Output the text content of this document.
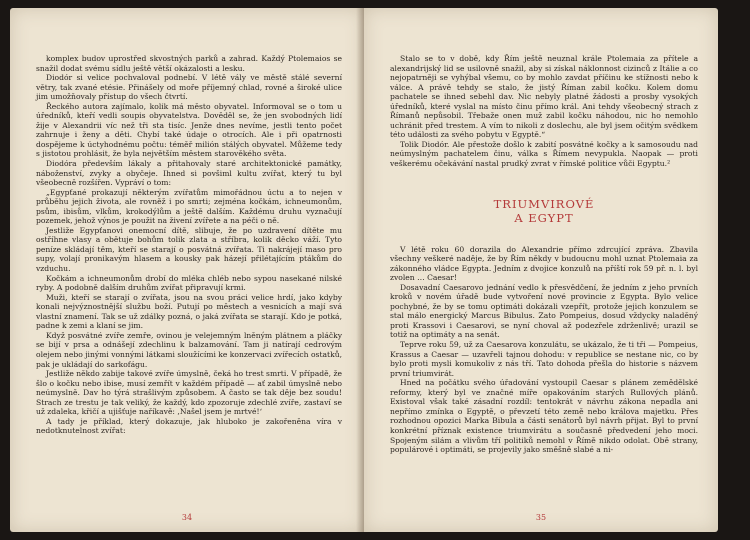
komplex budov uprostřed skvostných parků a zahrad. Každý Ptolemaios se snažil dodat svému sídlu ještě větší okázalosti a lesku.

Diodór si velice pochvaloval podnebí. V létě vály ve městě stálé severní větry, tak zvané etésie. Přinášely od moře příjemný chlad, rovné a široké ulice jim umožňovaly přístup do všech čtvrtí.

Řeckého autora zajímalo, kolik má město obyvatel. Informoval se o tom u úředníků, kteří vedli soupis obyvatelstva. Dověděl se, že jen svobodných lidí žije v Alexandrii víc než tři sta tisíc. Jenže dnes nevíme, jestli tento počet zahrnuje i ženy a děti. Chybí také údaje o otrocích. Ale i při opatrnosti dospějeme k úctyhodnému počtu: téměř milión stálých obyvatel. Můžeme tedy s jistotou prohlásit, že byla největším městem starověkého světa.

Diodóra především lákaly a přitahovaly staré architektonické památky, náboženství, zvyky a obyčeje. Ihned si povšiml kultu zvířat, který tu byl všeobecně rozšířen. Vypráví o tom:

„Egypťané prokazují některým zvířatům mimořádnou úctu a to nejen v průběhu jejich života, ale rovněž i po smrti; zejména kočkám, ichneumonům, psům, ibisům, vlkům, krokodýlům a ještě dalším. Každému druhu vyznačují pozemek, jehož výnos je použit na živení zvířete a na péči o ně.

Jestliže Egypťanovi onemocní dítě, slibuje, že po uzdravení dítěte mu ostříhne vlasy a obětuje bohům tolik zlata a stříbra, kolik děcko váží. Tyto peníze skládají těm, kteří se starají o posvátná zvířata. Ti nakrájejí maso pro supy, volají pronikavým hlasem a kousky pak házejí přilétajícím ptákům do vzduchu.

Kočkám a ichneumonům drobí do mléka chléb nebo sypou nasekané nilské ryby. A podobně dalším druhům zvířat připravují krmi.

Muži, kteří se starají o zvířata, jsou na svou práci velice hrdí, jako kdyby konali nejvýznostnější službu boží. Putují po městech a vesnicích a mají svá vlastní znamení. Tak se už zdálky pozná, o jaká zvířata se starají. Kdo je potká, padne k zemi a klaní se jim.

Když posvátné zvíře zemře, ovinou je velejemným lněným plátnem a pláčky se bijí v prsa a odnášejí zdechlinu k balzamování. Tam ji natírají cedrovým olejem nebo jinými vonnými látkami sloužícími ke konzervaci zvířecích ostatků, pak je ukládají do sarkofágu.

Jestliže někdo zabije takové zvíře úmyslně, čeká ho trest smrti. V případě, že šlo o kočku nebo ibise, musí zemřít v každém případě — ať zabil úmyslně nebo neúmyslně. Dav ho týrá strašlivým způsobem. A často se tak děje bez soudu! Strach ze trestu je tak veliký, že každý, kdo zpozoruje zdechlé zvíře, zastaví se už zdaleka, křičí a ujišťuje naříkavě: ‚Našel jsem je mrtvé!‘

A tady je příklad, který dokazuje, jak hluboko je zakořeněna víra v nedotknutelnost zvířat:

34

Stalo se to v době, kdy Řím ještě neuznal krále Ptolemaia za přítele a alexandrijský lid se usilovně snažil, aby si získal náklonnost cizinců z Itálie a co nejopatrněji se vyhýbal všemu, co by mohlo zavdat příčinu ke stížnosti nebo k válce. A právě tehdy se stalo, že jistý Říman zabil kočku. Kolem domu pachatele se ihned sebehl dav. Nic nebyly platné žádosti a prosby vysokých úředníků, které vyslal na místo činu přímo král. Ani tehdy všeobecný strach z Římanů nepůsobil. Třebaže onen muž zabil kočku náhodou, nic ho nemohlo uchránit před trestem. A vím to nikoli z doslechu, ale byl jsem očitým svědkem této události za svého pobytu v Egyptě.“

Tolik Diodór. Ale přestože došlo k zabití posvátné kočky a k samosoudu nad neúmyslným pachatelem činu, válka s Římem nevypukla. Naopak — proti veškerému očekávání nastal prudký zvrat v římské politice vůči Egyptu.²

TRIUMVIROVÉ
A EGYPT

V létě roku 60 dorazila do Alexandrie přímo zdrcující zpráva. Zbavila všechny veškeré naděje, že by Řím někdy v budoucnu mohl uznat Ptolemaia za zákonného vládce Egypta. Jedním z dvojice konzulů na příští rok 59 př. n. l. byl zvolen … Caesar!

Dosavadní Caesarovo jednání vedlo k přesvědčení, že jedním z jeho prvních kroků v novém úřadě bude vytvoření nové provincie z Egypta. Bylo velice pochybné, že by se tomu optimáti dokázali vzepřít, protože jejich konzulem se stal málo energický Marcus Bibulus. Zato Pompeius, dosud vždycky naladěný proti Krassovi i Caesarovi, se nyní choval až podezřele zdrženlivě; urazil se totiž na optimáty a na senát.

Teprve roku 59, už za Caesarova konzulátu, se ukázalo, že ti tři — Pompeius, Krassus a Caesar — uzavřeli tajnou dohodu: v republice se nestane nic, co by bylo proti mysli komukoliv z nás tří. Tato dohoda přešla do historie s názvem první triumvirát.

Hned na počátku svého úřadování vystoupil Caesar s plánem zemědělské reformy, který byl ve značné míře opakováním starých Rullových plánů. Existoval však také zásadní rozdíl: tentokrát v návrhu zákona nepadla ani nepřímo zmínka o Egyptě, o převzetí této země nebo králova majetku. Přes rozhodnou opozici Marka Bibula a části senátorů byl návrh přijat. Byl to první konkrétní příznak existence triumvirátu a současně předvedení jeho moci. Spojeným silám a vlivům tří politiků nemohl v Římě nikdo odolat. Obě strany, populárové i optimáti, se projevily jako směšně slabé a ni-

35
